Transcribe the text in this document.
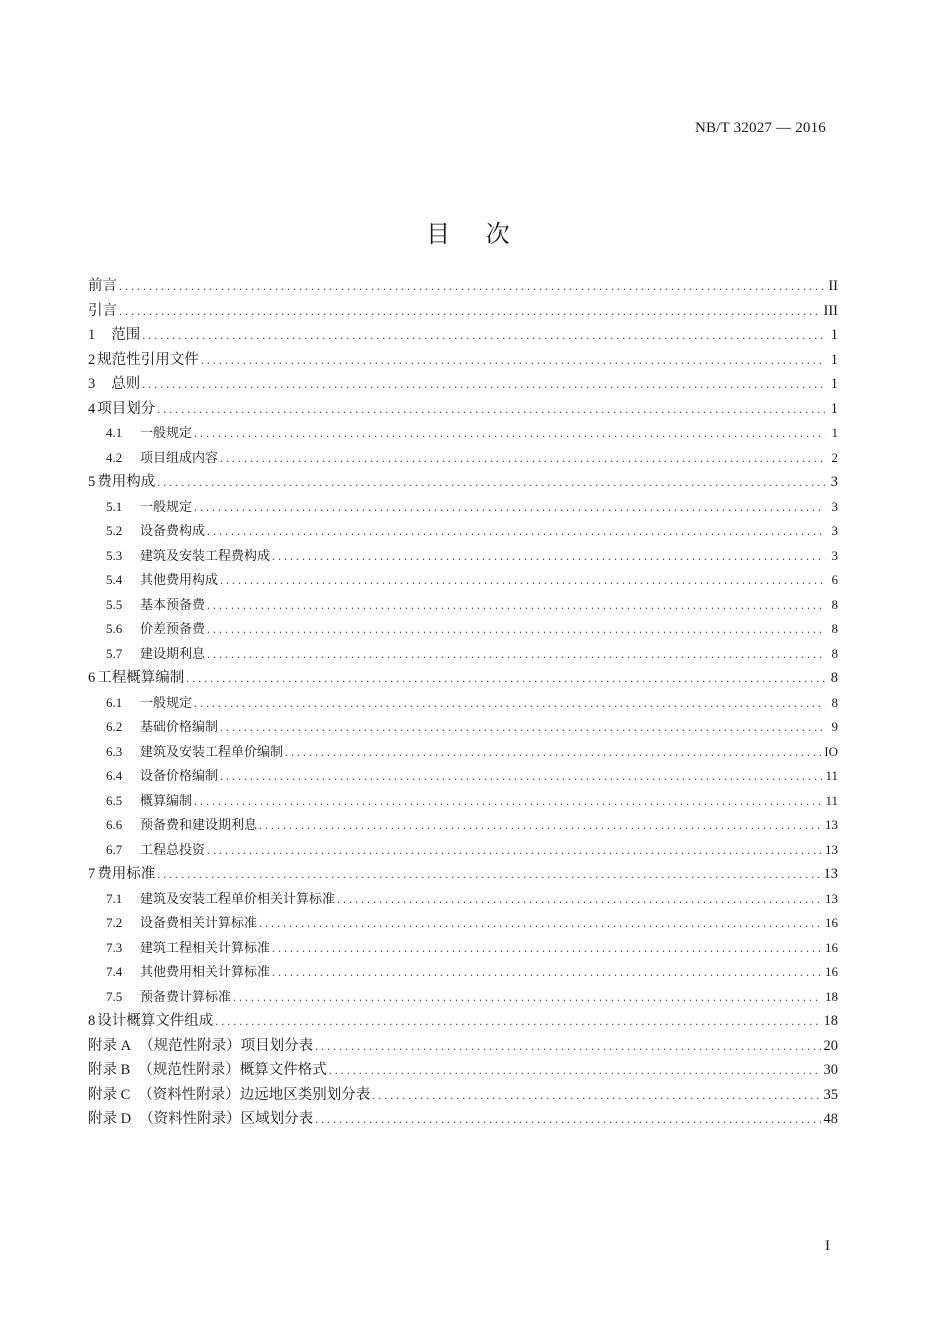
NB/T 32027 — 2016
目 次
前言 . . .	II
引言 . . .	III
1 范围 . . .	1
2 规范性引用文件 . . .	1
3 总则 . . .	1
4 项目划分 . . .	1
4.1 一般规定 . . .	1
4.2 项目组成内容 . . .	2
5 费用构成 . . .	3
5.1 一般规定 . . .	3
5.2 设备费构成 . . .	3
5.3 建筑及安装工程费构成 . . .	3
5.4 其他费用构成 . . .	6
5.5 基本预备费 . . .	8
5.6 价差预备费 . . .	8
5.7 建设期利息 . . .	8
6 工程概算编制 . . .	8
6.1 一般规定 . . .	8
6.2 基础价格编制 . . .	9
6.3 建筑及安装工程单价编制 . . .	IO
6.4 设备价格编制 . . .	11
6.5 概算编制 . . .	11
6.6 预备费和建设期利息 . . .	13
6.7 工程总投资 . . .	13
7 费用标准 . . .	13
7.1 建筑及安装工程单价相关计算标准 . . .	13
7.2 设备费相关计算标准 . . .	16
7.3 建筑工程相关计算标准 . . .	16
7.4 其他费用相关计算标准 . . .	16
7.5 预备费计算标准 . . .	18
8 设计概算文件组成 . . .	18
附录 A （规范性附录）项目划分表 . . .	20
附录 B （规范性附录）概算文件格式 . . .	30
附录 C （资料性附录）边远地区类别划分表 . . .	35
附录 D （资料性附录）区域划分表 . . .	48
I
